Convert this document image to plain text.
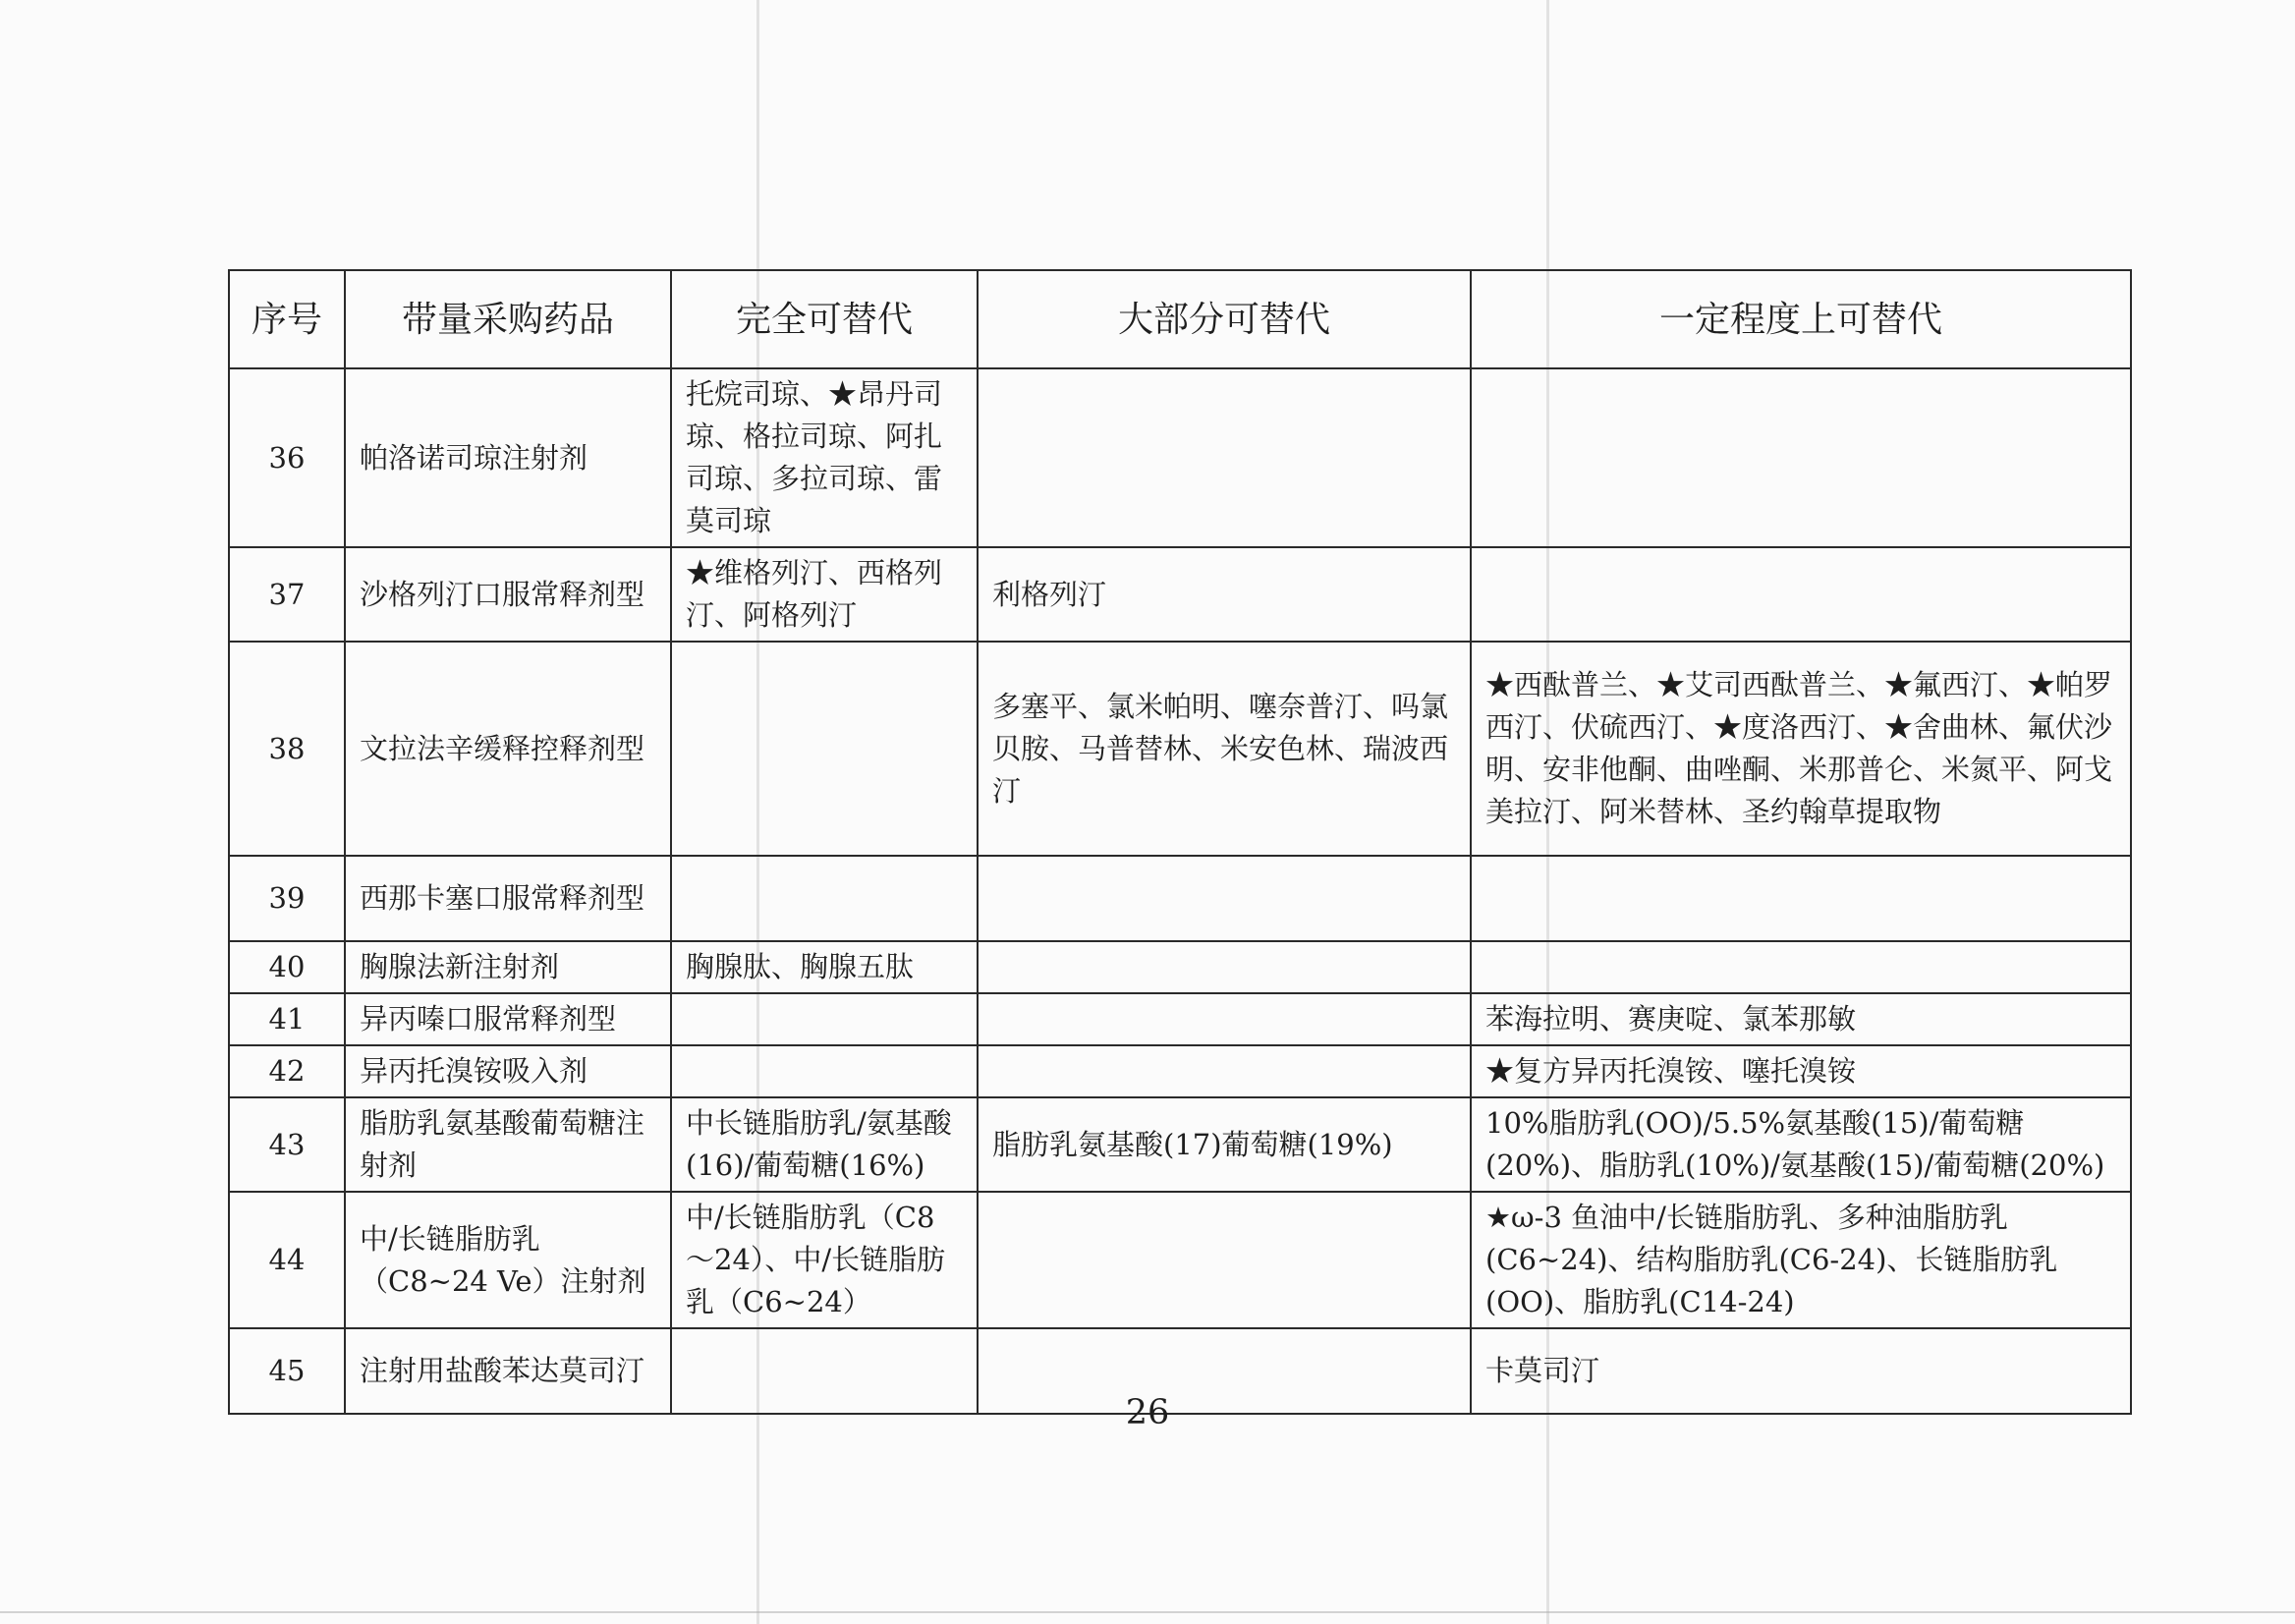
序号	带量采购药品	完全可替代	大部分可替代	一定程度上可替代
36	帕洛诺司琼注射剂	托烷司琼、★昂丹司琼、格拉司琼、阿扎司琼、多拉司琼、雷莫司琼		
37	沙格列汀口服常释剂型	★维格列汀、西格列汀、阿格列汀	利格列汀	
38	文拉法辛缓释控释剂型		多塞平、氯米帕明、噻奈普汀、吗氯贝胺、马普替林、米安色林、瑞波西汀	★西酞普兰、★艾司西酞普兰、★氟西汀、★帕罗西汀、伏硫西汀、★度洛西汀、★舍曲林、氟伏沙明、安非他酮、曲唑酮、米那普仑、米氮平、阿戈美拉汀、阿米替林、圣约翰草提取物
39	西那卡塞口服常释剂型			
40	胸腺法新注射剂	胸腺肽、胸腺五肽		
41	异丙嗪口服常释剂型			苯海拉明、赛庚啶、氯苯那敏
42	异丙托溴铵吸入剂			★复方异丙托溴铵、噻托溴铵
43	脂肪乳氨基酸葡萄糖注射剂	中长链脂肪乳/氨基酸(16)/葡萄糖(16%)	脂肪乳氨基酸(17)葡萄糖(19%)	10%脂肪乳(OO)/5.5%氨基酸(15)/葡萄糖(20%)、脂肪乳(10%)/氨基酸(15)/葡萄糖(20%)
44	中/长链脂肪乳（C8~24 Ve）注射剂	中/长链脂肪乳（C8～24）、中/长链脂肪乳（C6~24）		★ω-3 鱼油中/长链脂肪乳、多种油脂肪乳(C6~24)、结构脂肪乳(C6-24)、长链脂肪乳(OO)、脂肪乳(C14-24)
45	注射用盐酸苯达莫司汀			卡莫司汀
26
